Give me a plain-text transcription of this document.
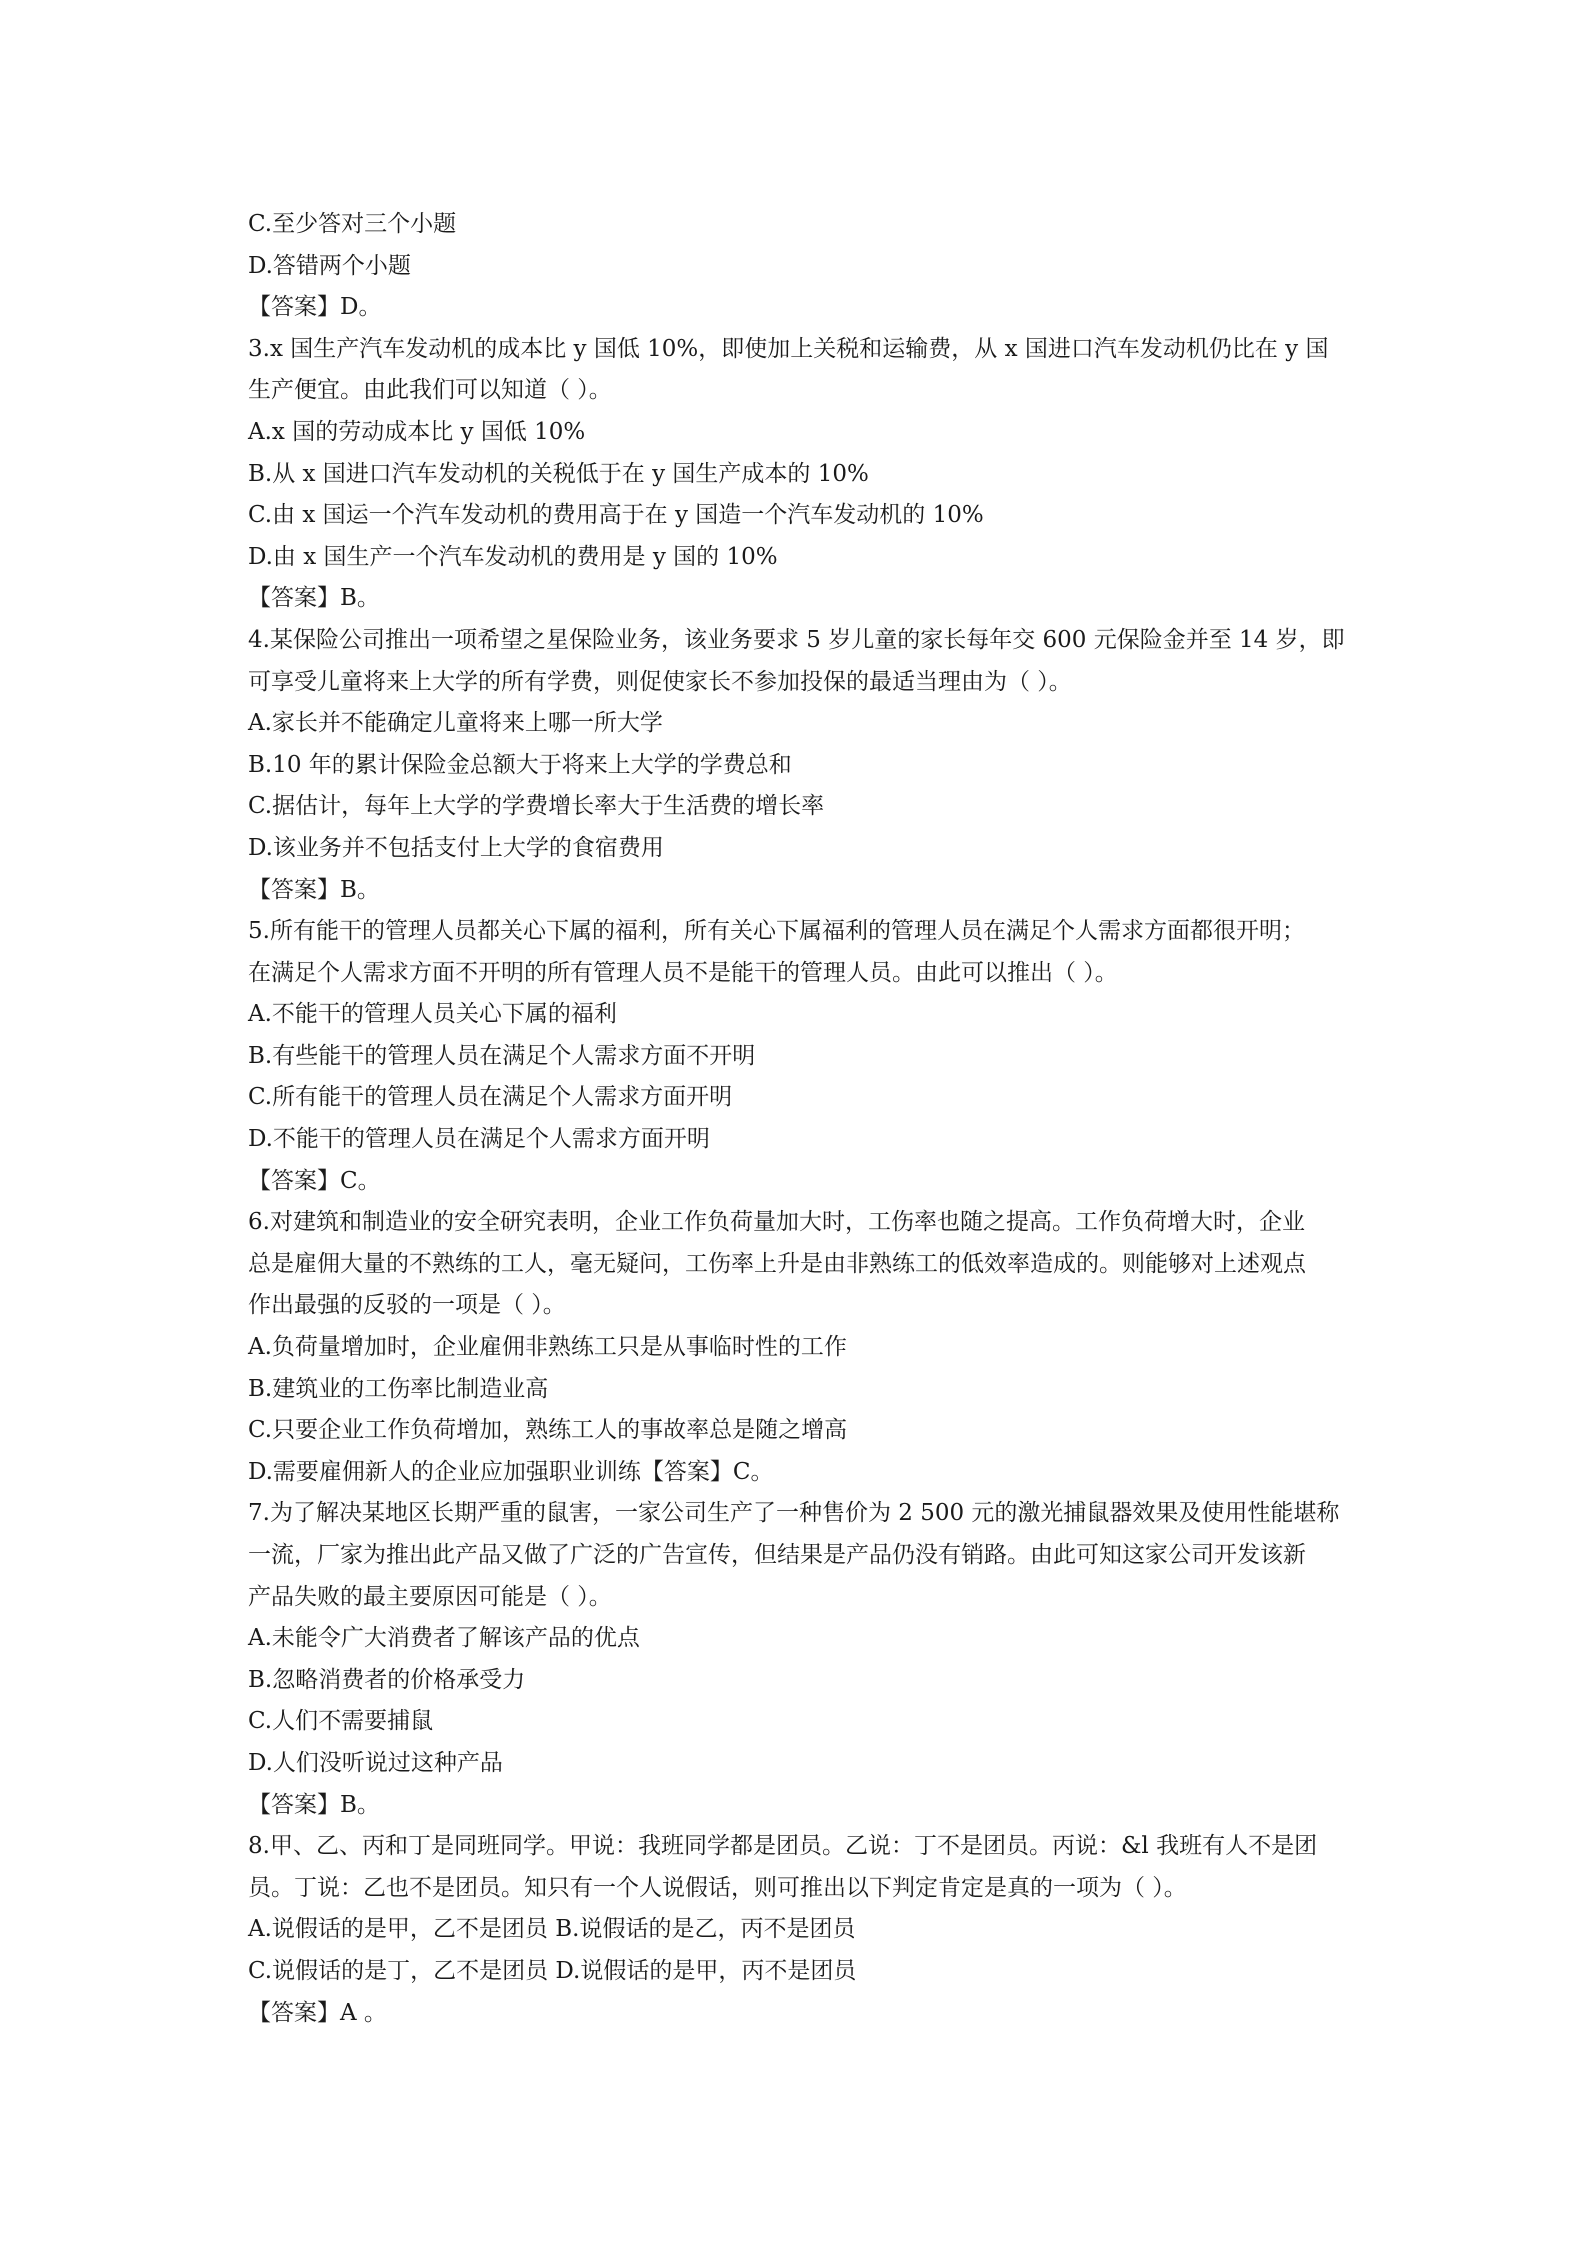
C.至少答对三个小题
D.答错两个小题
【答案】D。
3.x 国生产汽车发动机的成本比 y 国低 10%，即使加上关税和运输费，从 x 国进口汽车发动机仍比在 y 国
生产便宜。由此我们可以知道（ ）。
A.x 国的劳动成本比 y 国低 10%
B.从 x 国进口汽车发动机的关税低于在 y 国生产成本的 10%
C.由 x 国运一个汽车发动机的费用高于在 y 国造一个汽车发动机的 10%
D.由 x 国生产一个汽车发动机的费用是 y 国的 10%
【答案】B。
4.某保险公司推出一项希望之星保险业务，该业务要求 5 岁儿童的家长每年交 600 元保险金并至 14 岁，即
可享受儿童将来上大学的所有学费，则促使家长不参加投保的最适当理由为（ ）。
A.家长并不能确定儿童将来上哪一所大学
B.10 年的累计保险金总额大于将来上大学的学费总和
C.据估计，每年上大学的学费增长率大于生活费的增长率
D.该业务并不包括支付上大学的食宿费用
【答案】B。
5.所有能干的管理人员都关心下属的福利，所有关心下属福利的管理人员在满足个人需求方面都很开明；
在满足个人需求方面不开明的所有管理人员不是能干的管理人员。由此可以推出（ ）。
A.不能干的管理人员关心下属的福利
B.有些能干的管理人员在满足个人需求方面不开明
C.所有能干的管理人员在满足个人需求方面开明
D.不能干的管理人员在满足个人需求方面开明
【答案】C。
6.对建筑和制造业的安全研究表明，企业工作负荷量加大时，工伤率也随之提高。工作负荷增大时，企业
总是雇佣大量的不熟练的工人，毫无疑问，工伤率上升是由非熟练工的低效率造成的。则能够对上述观点
作出最强的反驳的一项是（ ）。
A.负荷量增加时，企业雇佣非熟练工只是从事临时性的工作
B.建筑业的工伤率比制造业高
C.只要企业工作负荷增加，熟练工人的事故率总是随之增高
D.需要雇佣新人的企业应加强职业训练【答案】C。
7.为了解决某地区长期严重的鼠害，一家公司生产了一种售价为 2 500 元的激光捕鼠器效果及使用性能堪称
一流，厂家为推出此产品又做了广泛的广告宣传，但结果是产品仍没有销路。由此可知这家公司开发该新
产品失败的最主要原因可能是（ ）。
A.未能令广大消费者了解该产品的优点
B.忽略消费者的价格承受力
C.人们不需要捕鼠
D.人们没听说过这种产品
【答案】B。
8.甲、乙、丙和丁是同班同学。甲说：我班同学都是团员。乙说：丁不是团员。丙说：&l 我班有人不是团
员。丁说：乙也不是团员。知只有一个人说假话，则可推出以下判定肯定是真的一项为（ ）。
A.说假话的是甲，乙不是团员 B.说假话的是乙，丙不是团员
C.说假话的是丁，乙不是团员 D.说假话的是甲，丙不是团员
【答案】A 。
